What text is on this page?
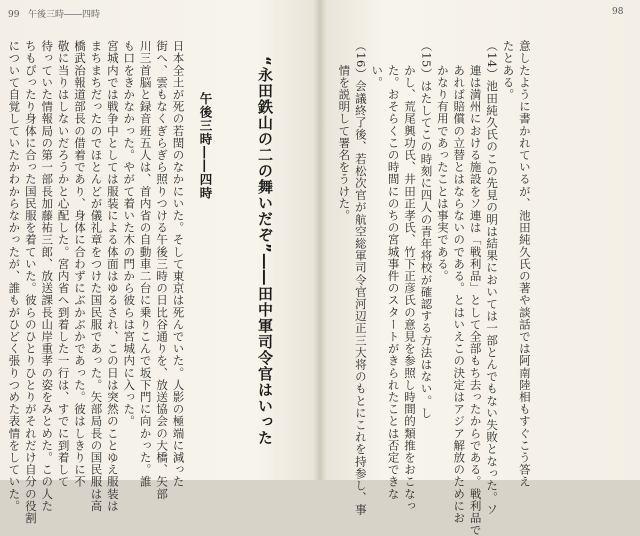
99 午後三時――四時
“永田鉄山の二の舞いだぞ”――田中軍司令官はいった
午後三時――四時
日本全土が死の若閏のなかにいた。そして東京は死んでいた。人影の極端に減った
街へ、雲もなくぎらぎら照りつける午後三時の日比谷通りを、放送協会の大橋、矢部
川三首脳と録音班五人は、首内省の自動車二台に乗りこんで坂下門に向かった。誰
も口をきかなかった。やがて着いた木の門から彼らは宮城内に入った。
宮城内では戦争中としては服装による体面はゆるされ、この日は突然のことゆえ服装は
まちまちだったのでほとんどが儀礼章をつけた国民服であった。矢部局長の国民服は高
橋武治報道部長の借着であり、身体に合わずにぶかぶかであった。彼はしきりに不
敬に当りはしないだろうかと心配した。宮内省へ到着した一行は、すでに到着して
待っていた情報局の第一部長加藤祐三郎、放送課長山岸重孝の姿をみとめた。この人た
ちもぴったり身体に合った国民服を着ていた。彼らのひとりひとりがそれだけ自分の役割
について自覚していたかわからなかったが、誰もがひどく張りつめた表情をしていた。
98
意したように書かれているが、池田純久氏の著や談話では阿南陸相もすぐこう答え
たとある。
（14）池田純久氏のこの先見の明は結果においては一部とんでもない失敗となった。ソ
　　連は満州における施設をソ連は「戦利品」として全部もち去ったからである。戦利品で
　　あれば賠償の立替とはならないのである。とはいえこの決定はアジア解放のためにお
　　かなり有用であったことは事実である。
（15）はたしてこの時刻に四人の青年将校が確認する方法はない。し
　　かし、荒尾興功氏、井田正孝氏、竹下正彦氏の意見を参照し時間的類推をおこなっ
　　た。おそらくこの時間にのちの宮城事件のスタートがきられたことは否定できな
　　い。
（16）会議終了後、若松次官が航空総軍司令官河辺正三大将のもとにこれを持参し、事
　　情を説明して署名をうけた。
